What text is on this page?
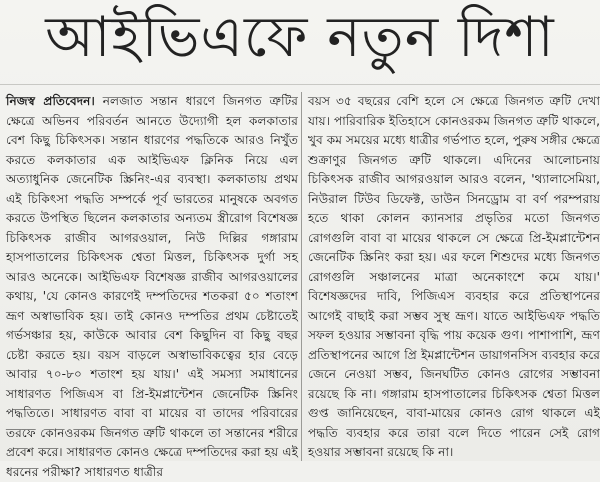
আইভিএফে নতুন দিশা

নিজস্ব প্রতিবেদন। নলজাত সন্তান ধারণে জিনগত ত্রুটির ক্ষেত্রে অভিনব পরিবর্তন আনতে উদ্যোগী হল কলকাতার বেশ কিছু চিকিৎসক। সন্তান ধারণের পদ্ধতিকে আরও নিখুঁত করতে কলকাতার এক আইভিএফ ক্লিনিক নিয়ে এল অত্যাধুনিক জেনেটিক স্ক্রিনিং-এর ব্যবস্থা। কলকাতায় প্রথম এই চিকিৎসা পদ্ধতি সম্পর্কে পূর্ব ভারতের মানুষকে অবগত করতে উপস্থিত ছিলেন কলকাতার অন্যতম স্ত্রীরোগ বিশেষজ্ঞ চিকিৎসক রাজীব আগরওয়াল, নিউ দিল্লির গঙ্গারাম হাসপাতালের চিকিৎসক শ্বেতা মিত্তল, চিকিৎসক দুর্গা সহ আরও অনেকে। আইভিএফ বিশেষজ্ঞ রাজীব আগরওয়ালের কথায়, 'যে কোনও কারণেই দম্পতিদের শতকরা ৫০ শতাংশ ভ্রূণ অস্বাভাবিক হয়। তাই কোনও দম্পতির প্রথম চেষ্টাতেই গর্ভসঞ্চার হয়, কাউকে আবার বেশ কিছুদিন বা কিছু বছর চেষ্টা করতে হয়। বয়স বাড়লে অস্বাভাবিকত্বের হার বেড়ে আবার ৭০-৮০ শতাংশ হয় যায়।' এই সমস্যা সমাধানের সাধারণত পিজিএস বা প্রি-ইমপ্লান্টেশন জেনেটিক স্ক্রিনিং পদ্ধতিতে। সাধারণত বাবা বা মায়ের বা তাদের পরিবারের তরফে কোনওরকম জিনগত ত্রুটি থাকলে তা সন্তানের শরীরে প্রবেশ করে। সাধারণত কোনও ক্ষেত্রে দম্পতিদের করা হয় এই ধরনের পরীক্ষা? সাধারণত ধাত্রীর

বয়স ৩৫ বছরের বেশি হলে সে ক্ষেত্রে জিনগত ত্রুটি দেখা যায়। পারিবারিক ইতিহাসে কোনওরকম জিনগত ত্রুটি থাকলে, খুব কম সময়ের মধ্যে ধাত্রীর গর্ভপাত হলে, পুরুষ সঙ্গীর ক্ষেত্রে শুক্রাণুর জিনগত ত্রুটি থাকলে। এদিনের আলোচনায় চিকিৎসক রাজীব আগরওয়াল আরও বলেন, 'থ্যালাসেমিয়া, নিউরাল টিউব ডিফেক্ট, ডাউন সিনড্রোম বা বর্ণ পরম্পরায় হতে থাকা কোলন ক্যানসার প্রভৃতির মতো জিনগত রোগগুলি বাবা বা মায়ের থাকলে সে ক্ষেত্রে প্রি-ইমপ্লান্টেশন জেনেটিক স্ক্রিনিং করা হয়। এর ফলে শিশুদের মধ্যে জিনগত রোগগুলি সঞ্চালনের মাত্রা অনেকাংশে কমে যায়।' বিশেষজ্ঞদের দাবি, পিজিএস ব্যবহার করে প্রতিস্থাপনের আগেই বাছাই করা সম্ভব সুস্থ ভ্রূণ। যাতে আইভিএফ পদ্ধতি সফল হওয়ার সম্ভাবনা বৃদ্ধি পায় কয়েক গুণ। পাশাপাশি, ভ্রূণ প্রতিস্থাপনের আগে প্রি ইমপ্লান্টেশন ডায়াগনসিস ব্যবহার করে জেনে নেওয়া সম্ভব, জিনঘটিত কোনও রোগের সম্ভাবনা রয়েছে কি না। গঙ্গারাম হাসপাতালের চিকিৎসক শ্বেতা মিত্তল গুপ্ত জানিয়েছেন, বাবা-মায়ের কোনও রোগ থাকলে এই পদ্ধতি ব্যবহার করে তারা বলে দিতে পারেন সেই রোগ হওয়ার সম্ভাবনা রয়েছে কি না।
